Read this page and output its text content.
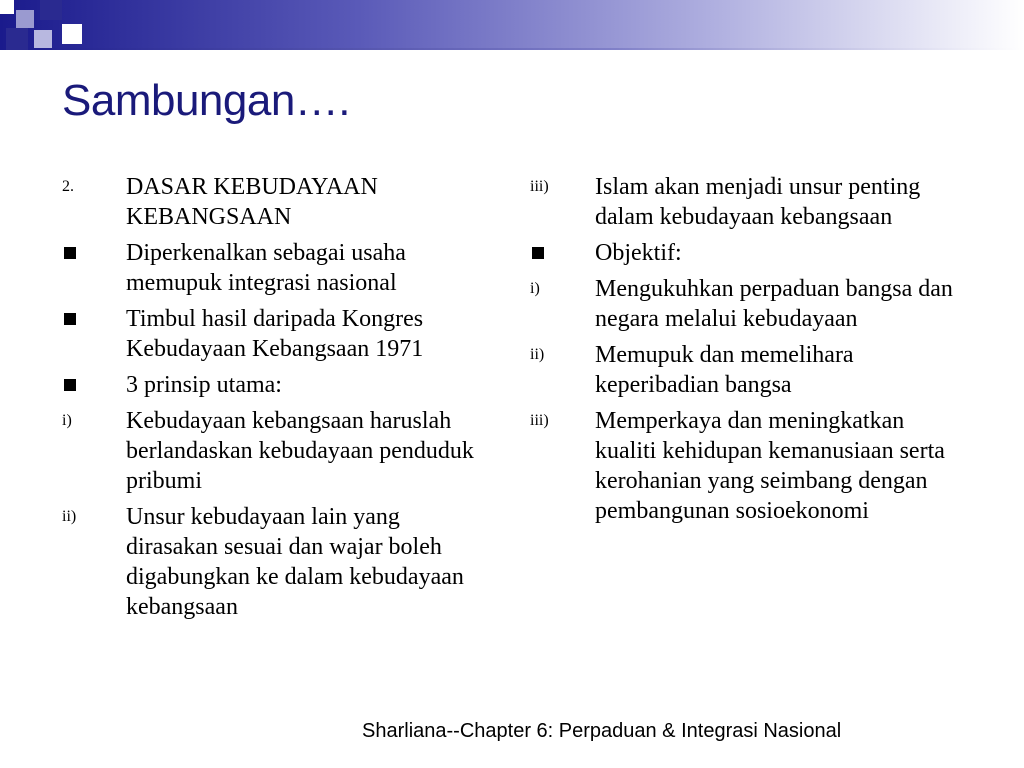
Sambungan….
2.	DASAR KEBUDAYAAN KEBANGSAAN
Diperkenalkan sebagai usaha memupuk integrasi nasional
Timbul hasil daripada Kongres Kebudayaan Kebangsaan 1971
3 prinsip utama:
i)	Kebudayaan kebangsaan haruslah berlandaskan kebudayaan penduduk pribumi
ii)	Unsur kebudayaan lain yang dirasakan sesuai dan wajar boleh digabungkan ke dalam kebudayaan kebangsaan
iii)	Islam akan menjadi unsur penting dalam kebudayaan kebangsaan
Objektif:
i)	Mengukuhkan perpaduan bangsa dan negara melalui kebudayaan
ii)	Memupuk dan memelihara keperibadian bangsa
iii)	Memperkaya dan meningkatkan kualiti kehidupan kemanusiaan serta kerohanian yang seimbang dengan pembangunan sosioekonomi

Sharliana--Chapter 6: Perpaduan & Integrasi Nasional
